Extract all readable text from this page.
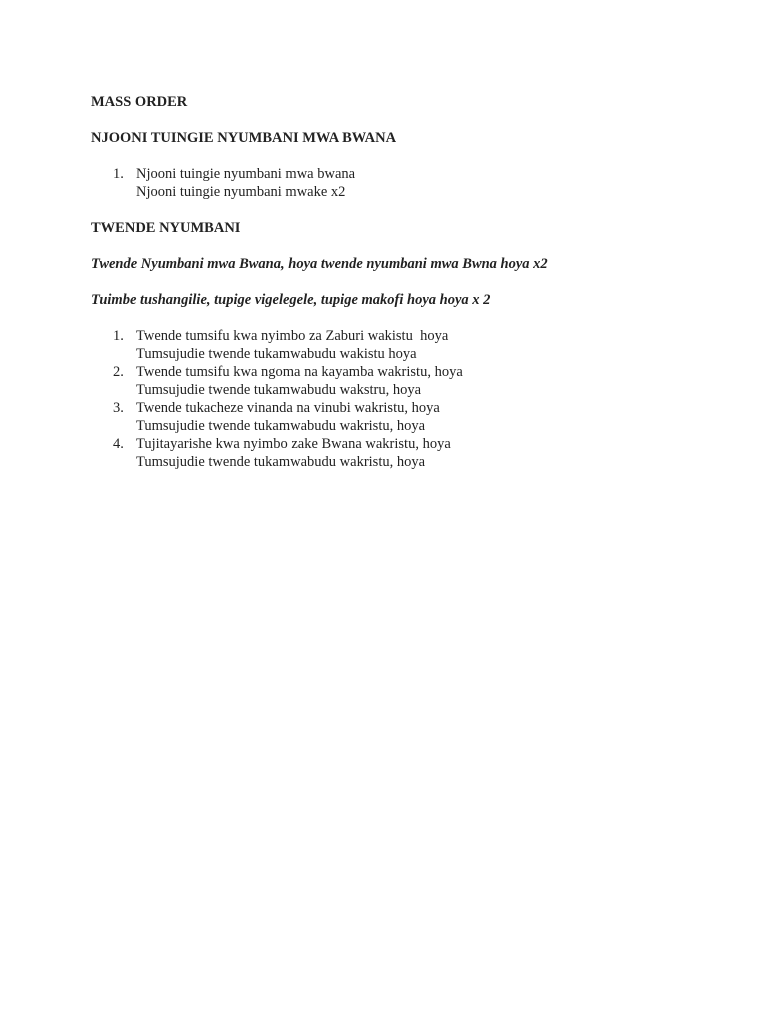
MASS ORDER
NJOONI TUINGIE NYUMBANI MWA BWANA
1. Njooni tuingie nyumbani mwa bwana
Njooni tuingie nyumbani mwake x2
TWENDE NYUMBANI
Twende Nyumbani mwa Bwana, hoya twende nyumbani mwa Bwna hoya x2
Tuimbe tushangilie, tupige vigelegele, tupige makofi hoya hoya x 2
1. Twende tumsifu kwa nyimbo za Zaburi wakistu  hoya
Tumsujudie twende tukamwabudu wakistu hoya
2. Twende tumsifu kwa ngoma na kayamba wakristu, hoya
Tumsujudie twende tukamwabudu wakstru, hoya
3. Twende tukacheze vinanda na vinubi wakristu, hoya
Tumsujudie twende tukamwabudu wakristu, hoya
4. Tujitayarishe kwa nyimbo zake Bwana wakristu, hoya
Tumsujudie twende tukamwabudu wakristu, hoya
